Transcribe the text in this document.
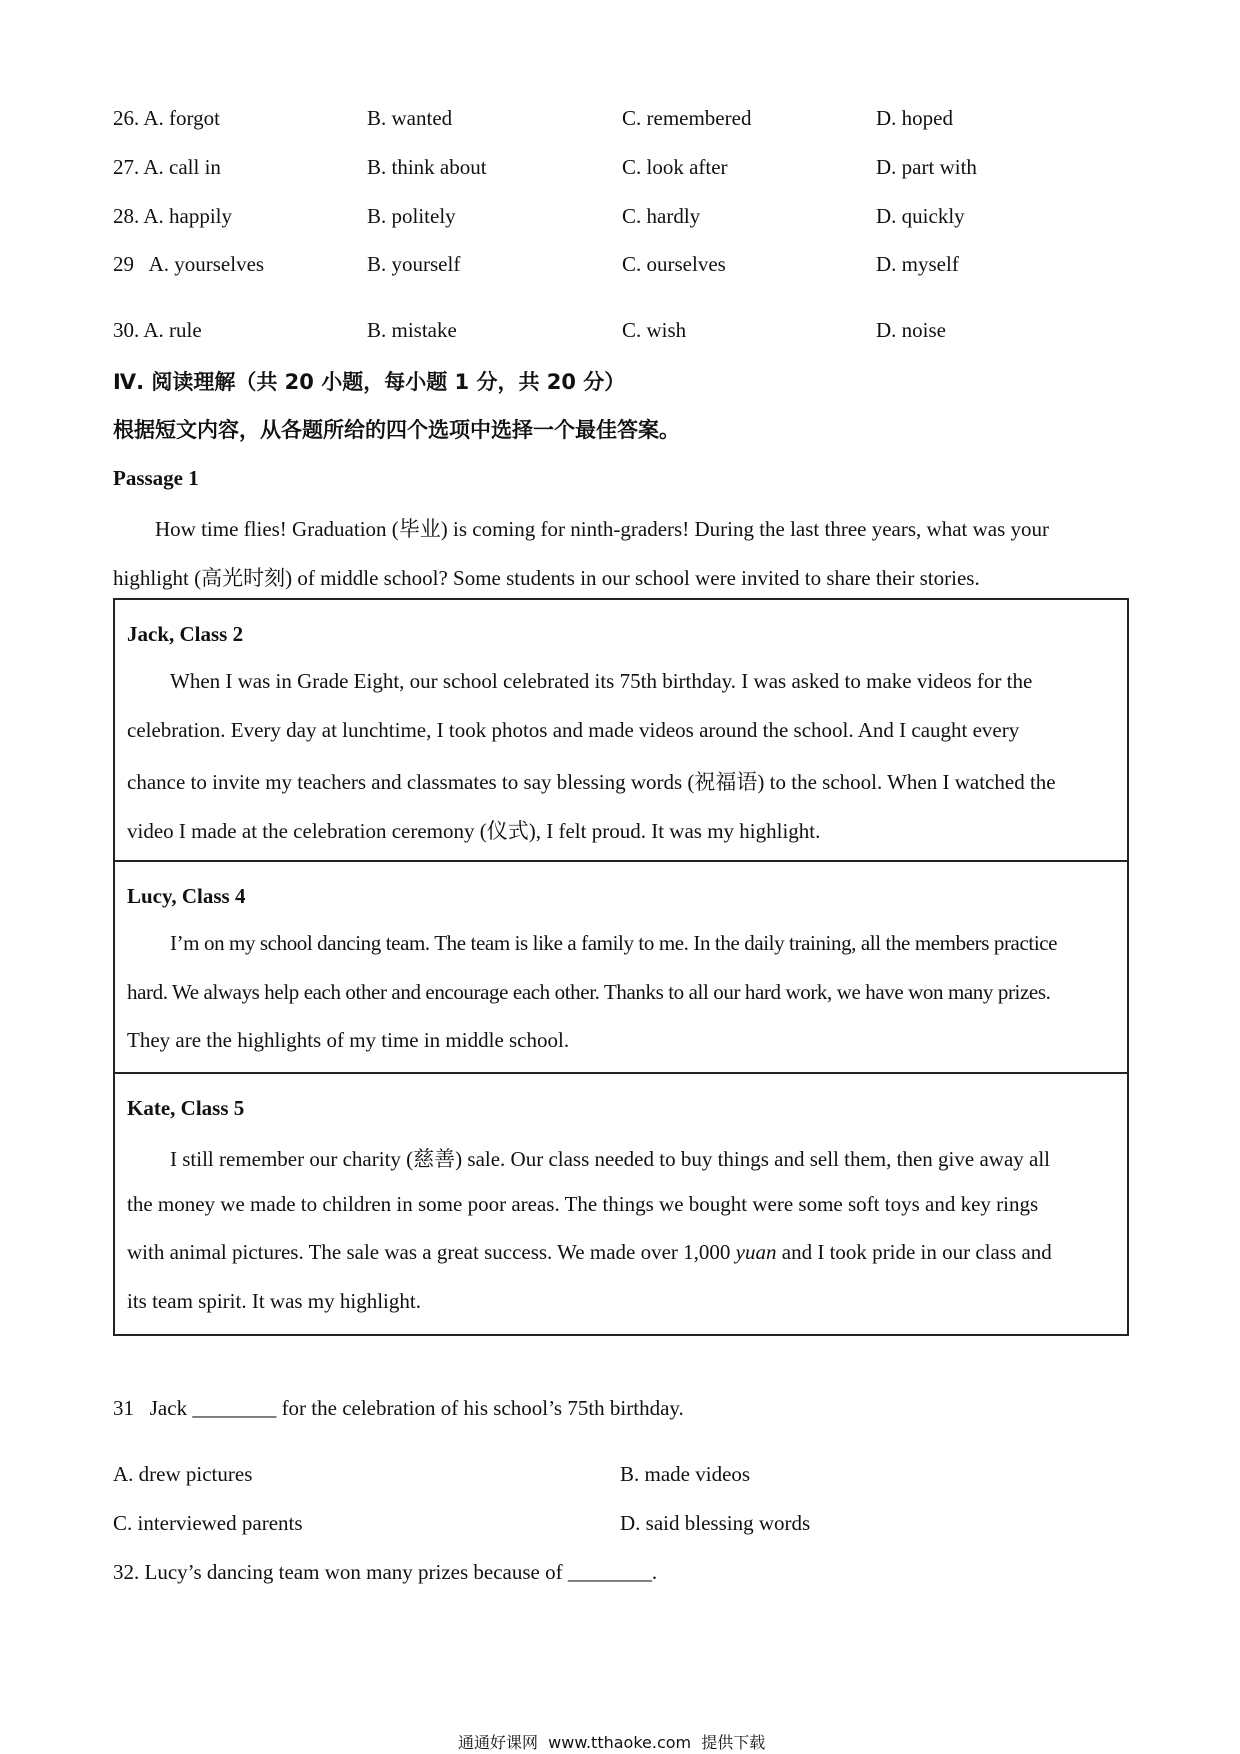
26. A. forgot	B. wanted	C. remembered	D. hoped
27. A. call in	B. think about	C. look after	D. part with
28. A. happily	B. politely	C. hardly	D. quickly
29   A. yourselves	B. yourself	C. ourselves	D. myself
30. A. rule	B. mistake	C. wish	D. noise
Ⅳ. 阅读理解（共 20 小题，每小题 1 分，共 20 分）
根据短文内容，从各题所给的四个选项中选择一个最佳答案。
Passage 1
How time flies! Graduation (毕业) is coming for ninth-graders! During the last three years, what was your
highlight (高光时刻) of middle school? Some students in our school were invited to share their stories.
Jack, Class 2
When I was in Grade Eight, our school celebrated its 75th birthday. I was asked to make videos for the
celebration. Every day at lunchtime, I took photos and made videos around the school. And I caught every
chance to invite my teachers and classmates to say blessing words (祝福语) to the school. When I watched the
video I made at the celebration ceremony (仪式), I felt proud. It was my highlight.
Lucy, Class 4
I’m on my school dancing team. The team is like a family to me. In the daily training, all the members practice
hard. We always help each other and encourage each other. Thanks to all our hard work, we have won many prizes.
They are the highlights of my time in middle school.
Kate, Class 5
I still remember our charity (慈善) sale. Our class needed to buy things and sell them, then give away all
the money we made to children in some poor areas. The things we bought were some soft toys and key rings
with animal pictures. The sale was a great success. We made over 1,000 yuan and I took pride in our class and
its team spirit. It was my highlight.
31   Jack ________ for the celebration of his school’s 75th birthday.
A. drew pictures	B. made videos
C. interviewed parents	D. said blessing words
32. Lucy’s dancing team won many prizes because of ________.
通通好课网  www.tthaoke.com  提供下载
